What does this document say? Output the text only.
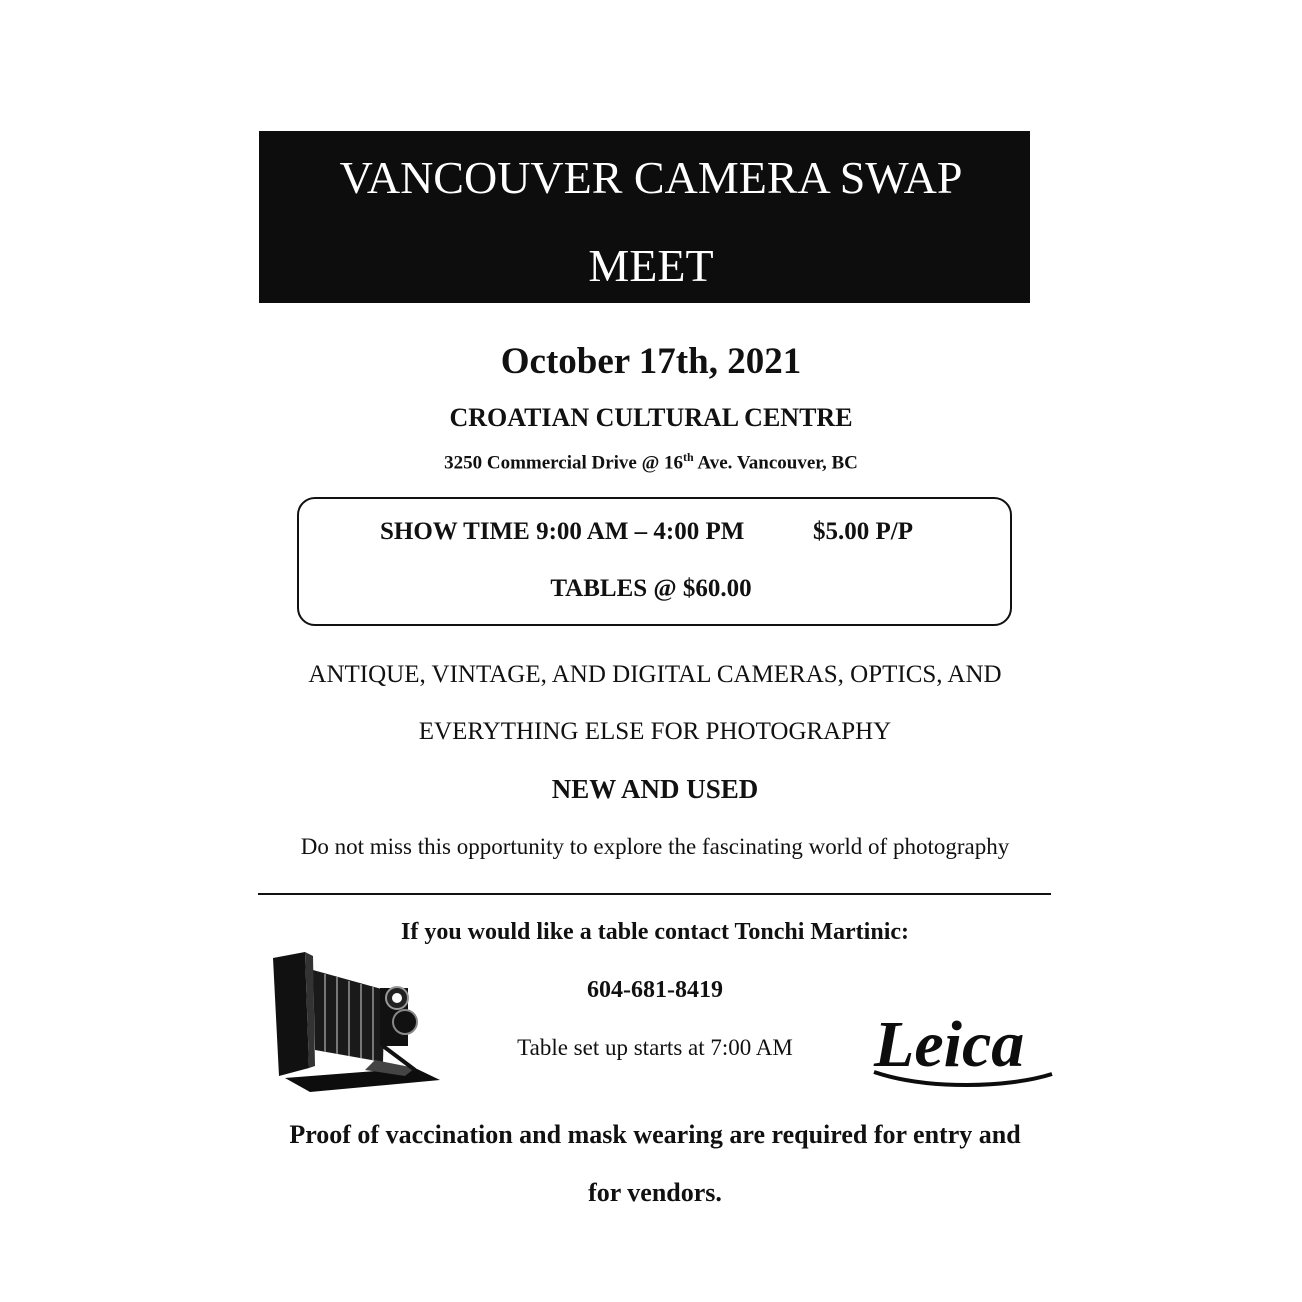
VANCOUVER CAMERA SWAP
MEET
October 17th, 2021
CROATIAN CULTURAL CENTRE
3250 Commercial Drive @ 16th Ave. Vancouver, BC
SHOW TIME 9:00 AM – 4:00 PM	$5.00 P/P
TABLES @ $60.00
ANTIQUE, VINTAGE, AND DIGITAL CAMERAS, OPTICS, AND
EVERYTHING ELSE FOR PHOTOGRAPHY
NEW AND USED
Do not miss this opportunity to explore the fascinating world of photography
If you would like a table contact Tonchi Martinic:
604-681-8419
Table set up starts at 7:00 AM	Leica
Proof of vaccination and mask wearing are required for entry and
for vendors.
